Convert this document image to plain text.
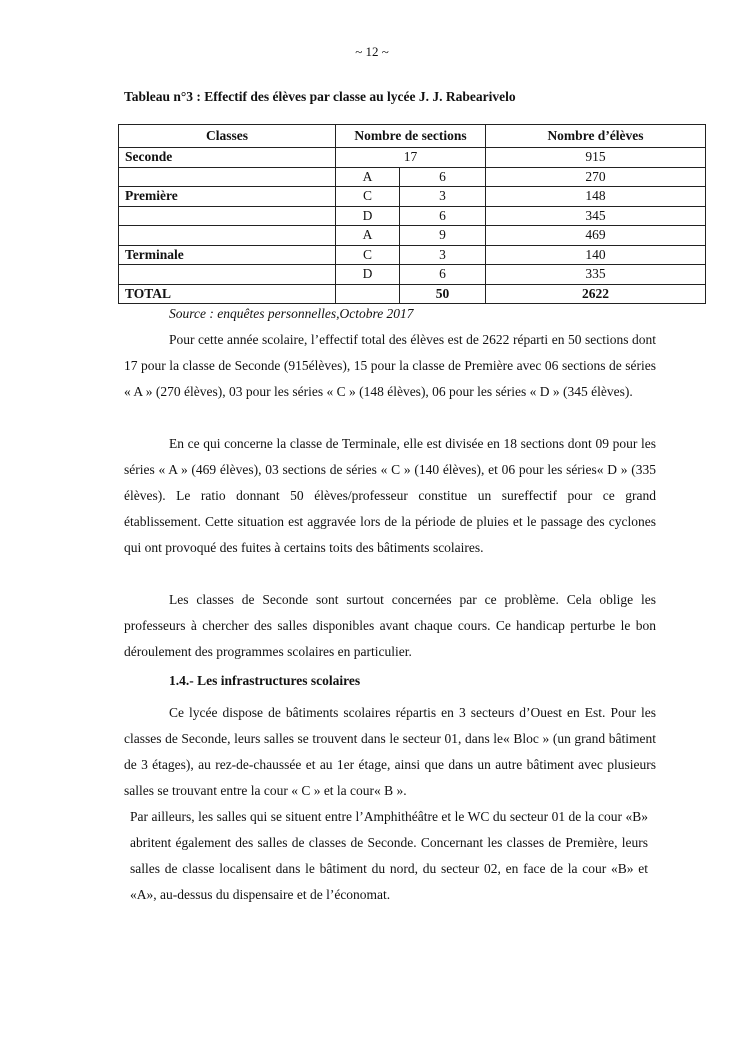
~ 12 ~
Tableau n°3 : Effectif des élèves par classe au lycée J. J. Rabearivelo
Classes	Nombre de sections		Nombre d’élèves
Seconde	17		915
	A	6	270
Première	C	3	148
	D	6	345
	A	9	469
Terminale	C	3	140
	D	6	335
TOTAL		50	2622
Source : enquêtes personnelles,Octobre 2017

Pour cette année scolaire, l’effectif total des élèves est de 2622 réparti en 50 sections dont 17 pour la classe de Seconde (915élèves), 15 pour la classe de Première avec 06 sections de séries « A » (270 élèves), 03 pour les séries « C » (148 élèves), 06 pour les séries « D » (345 élèves).

En ce qui concerne la classe de Terminale, elle est divisée en 18 sections dont 09 pour les séries « A » (469 élèves), 03 sections de séries « C » (140 élèves), et 06 pour les séries« D » (335 élèves). Le ratio donnant 50 élèves/professeur constitue un sureffectif pour ce grand établissement. Cette situation est aggravée lors de la période de pluies et le passage des cyclones qui ont provoqué des fuites à certains toits des bâtiments scolaires.

Les classes de Seconde sont surtout concernées par ce problème. Cela oblige les professeurs à chercher des salles disponibles avant chaque cours. Ce handicap perturbe le bon déroulement des programmes scolaires en particulier.

1.4.- Les infrastructures scolaires

Ce lycée dispose de bâtiments scolaires répartis en 3 secteurs d’Ouest en Est. Pour les classes de Seconde, leurs salles se trouvent dans le secteur 01, dans le« Bloc » (un grand bâtiment de 3 étages), au rez-de-chaussée et au 1er étage, ainsi que dans un autre bâtiment avec plusieurs salles se trouvant entre la cour « C » et la cour« B ».

Par ailleurs, les salles qui se situent entre l’Amphithéâtre et le WC du secteur 01 de la cour «B» abritent également des salles de classes de Seconde. Concernant les classes de Première, leurs salles de classe localisent dans le bâtiment du nord, du secteur 02, en face de la cour «B» et «A», au-dessus du dispensaire et de l’économat.
